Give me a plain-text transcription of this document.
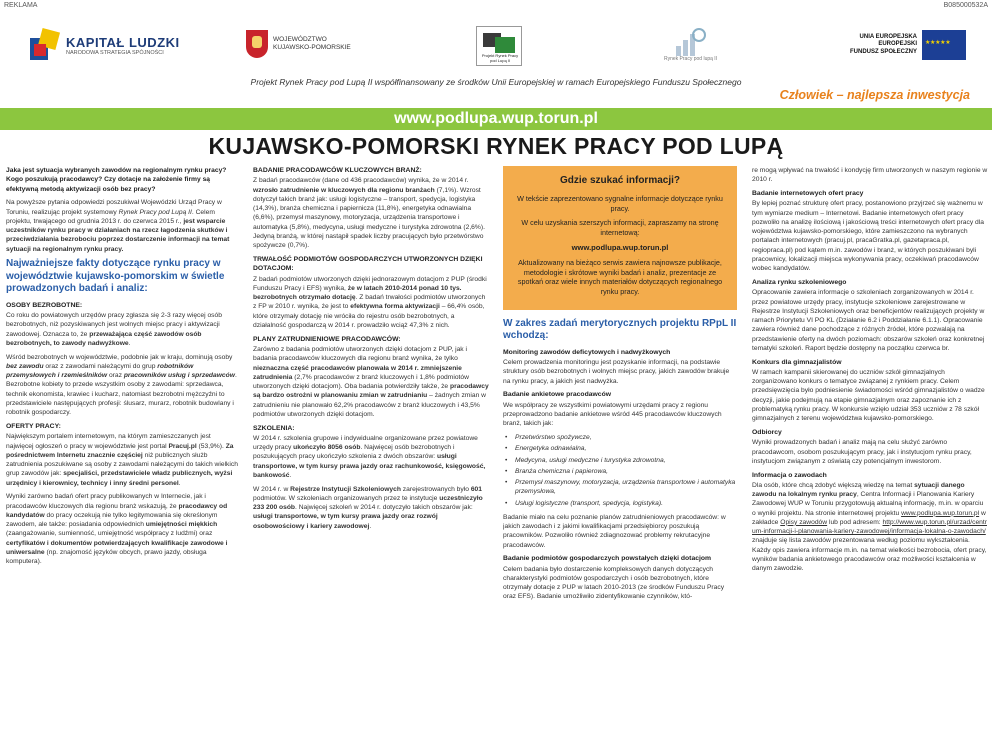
REKLAMA	B085000532A
KAPITAŁ LUDZKI
NARODOWA STRATEGIA SPÓJNOŚCI
WOJEWÓDZTWO
KUJAWSKO-POMORSKIE
Projekt Rynek Pracy pod Lupą II	Rynek Pracy pod lupą II
UNIA EUROPEJSKA
EUROPEJSKI
FUNDUSZ SPOŁECZNY
★ ★ ★ ★ ★
Projekt Rynek Pracy pod Lupą II współfinansowany ze środków Unii Europejskiej w ramach Europejskiego Funduszu Społecznego
Człowiek – najlepsza inwestycja
www.podlupa.wup.torun.pl
KUJAWSKO-POMORSKI RYNEK PRACY POD LUPĄ

Jaka jest sytuacja wybranych zawodów na regionalnym rynku pracy? Kogo poszukują pracodawcy? Czy dotacje na założenie firmy są efektywną metodą aktywizacji osób bez pracy?

Na powyższe pytania odpowiedzi poszukiwał Wojewódzki Urząd Pracy w Toruniu, realizując projekt systemowy Rynek Pracy pod Lupą II. Celem projektu, trwającego od grudnia 2013 r. do czerwca 2015 r., jest wsparcie uczestników rynku pracy w działaniach na rzecz łagodzenia skutków i przeciwdziałania bezrobociu poprzez dostarczenie informacji na temat sytuacji na regionalnym rynku pracy.

Najważniejsze fakty dotyczące rynku pracy w województwie kujawsko-pomorskim w świetle prowadzonych badań i analiz:
OSOBY BEZROBOTNE:

Co roku do powiatowych urzędów pracy zgłasza się 2-3 razy więcej osób bezrobotnych, niż pozyskiwanych jest wolnych miejsc pracy i aktywizacji zawodowej. Oznacza to, że przeważająca część zawodów osób bezrobotnych, to zawody nadwyżkowe.

Wśród bezrobotnych w województwie, podobnie jak w kraju, dominują osoby bez zawodu oraz z zawodami należącymi do grup robotników przemysłowych i rzemieślników oraz pracowników usług i sprzedawców. Bezrobotne kobiety to przede wszystkim osoby z zawodami: sprzedawca, technik ekonomista, krawiec i kucharz, natomiast bezrobotni mężczyźni to przedstawiciele następujących profesji: ślusarz, murarz, robotnik budowlany i robotnik gospodarczy.

OFERTY PRACY:

Największym portalem internetowym, na którym zamieszczanych jest najwięcej ogłoszeń o pracy w województwie jest portal Pracuj.pl (53,9%). Za pośrednictwem Internetu znacznie częściej niż publicznych służb zatrudnienia poszukiwane są osoby z zawodami należącymi do takich wielkich grup zawodów jak: specjaliści, przedstawiciele władz publicznych, wyżsi urzędnicy i kierownicy, technicy i inny średni personel.

Wyniki zarówno badań ofert pracy publikowanych w Internecie, jak i pracodawców kluczowych dla regionu branż wskazują, że pracodawcy od kandydatów do pracy oczekują nie tylko legitymowania się określonym zawodem, ale także: posiadania odpowiednich umiejętności miękkich (zaangażowanie, sumienność, umiejętność współpracy z ludźmi) oraz certyfikatów i dokumentów potwierdzających kwalifikacje zawodowe i uniwersalne (np. znajomość języków obcych, prawo jazdy, obsługa komputera).

BADANIE PRACODAWCÓW KLUCZOWYCH BRANŻ:

Z badań pracodawców (dane od 436 pracodawców) wynika, że w 2014 r. wzrosło zatrudnienie w kluczowych dla regionu branżach (7,1%). Wzrost dotyczył takich branż jak: usługi logistyczne – transport, spedycja, logistyka (14,3%), branża chemiczna i papiernicza (11,8%), energetyka odnawialna (6,6%), przemysł maszynowy, motoryzacja, urządzenia transportowe i automatyka (5,8%), medycyna, usługi medyczne i turystyka zdrowotna (2,6%). Jedyną branżą, w której nastąpił spadek liczby pracujących było przetwórstwo spożywcze (0,7%).

TRWAŁOŚĆ PODMIOTÓW GOSPODARCZYCH UTWORZONYCH DZIĘKI DOTACJOM:

Z badań podmiotów utworzonych dzięki jednorazowym dotacjom z PUP (środki Funduszu Pracy i EFS) wynika, że w latach 2010-2014 ponad 10 tys. bezrobotnych otrzymało dotację. Z badań trwałości podmiotów utworzonych z FP w 2010 r. wynika, że jest to efektywna forma aktywizacji – 66,4% osób, które otrzymały dotację nie wróciła do rejestru osób bezrobotnych, a działalność gospodarczą w 2014 r. prowadziło wciąż 47,3% z nich.

PLANY ZATRUDNIENIOWE PRACODAWCÓW:

Zarówno z badania podmiotów utworzonych dzięki dotacjom z PUP, jak i badania pracodawców kluczowych dla regionu branż wynika, że tylko nieznaczna część pracodawców planowała w 2014 r. zmniejszenie zatrudnienia (2,7% pracodawców z branż kluczowych i 1,8% podmiotów utworzonych dzięki dotacjom). Oba badania potwierdziły także, że pracodawcy są bardzo ostrożni w planowaniu zmian w zatrudnianiu – żadnych zmian w zatrudnieniu nie planowało 62,2% pracodawców z branż kluczowych i 43,5% podmiotów utworzonych dzięki dotacjom.

SZKOLENIA:

W 2014 r. szkolenia grupowe i indywidualne organizowane przez powiatowe urzędy pracy ukończyło 8056 osób. Najwięcej osób bezrobotnych i poszukujących pracy ukończyło szkolenia z dwóch obszarów: usługi transportowe, w tym kursy prawa jazdy oraz rachunkowość, księgowość, bankowość.

W 2014 r. w Rejestrze Instytucji Szkoleniowych zarejestrowanych było 601 podmiotów. W szkoleniach organizowanych przez te instytucje uczestniczyło 233 200 osób. Najwięcej szkoleń w 2014 r. dotyczyło takich obszarów jak: usługi transportowe, w tym kursy prawa jazdy oraz rozwój osobowościowy i kariery zawodowej.

Gdzie szukać informacji?

W tekście zaprezentowano sygnalne informacje dotyczące rynku pracy.

W celu uzyskania szerszych informacji, zapraszamy na stronę internetową:

www.podlupa.wup.torun.pl

Aktualizowany na bieżąco serwis zawiera najnowsze publikacje, metodologie i skrótowe wyniki badań i analiz, prezentacje ze spotkań oraz wiele innych materiałów dotyczących regionalnego rynku pracy.

W zakres zadań merytorycznych projektu RPpL II wchodzą:
Monitoring zawodów deficytowych i nadwyżkowych

Celem prowadzenia monitoringu jest pozyskanie informacji, na podstawie struktury osób bezrobotnych i wolnych miejsc pracy, jakich zawodów brakuje na rynku pracy, a jakich jest nadwyżka.

Badanie ankietowe pracodawców

We współpracy ze wszystkimi powiatowymi urzędami pracy z regionu przeprowadzono badanie ankietowe wśród 445 pracodawców kluczowych branż, takich jak:

• Przetwórstwo spożywcze,
• Energetyka odnawialna,
• Medycyna, usługi medyczne i turystyka zdrowotna,
• Branża chemiczna i papierowa,
• Przemysł maszynowy, motoryzacja, urządzenia transportowe i automatyka przemysłowa,
• Usługi logistyczne (transport, spedycja, logistyka).

Badanie miało na celu poznanie planów zatrudnieniowych pracodawców: w jakich zawodach i z jakimi kwalifikacjami przedsiębiorcy poszukują pracowników. Pozwoliło również zdiagnozować problemy rekrutacyjne pracodawców.

Badanie podmiotów gospodarczych powstałych dzięki dotacjom

Celem badania było dostarczenie kompleksowych danych dotyczących charakterystyki podmiotów gospodarczych i osób bezrobotnych, które otrzymały dotacje z PUP w latach 2010-2013 (ze środków Funduszu Pracy oraz EFS). Badanie umożliwiło zidentyfikowanie czynników, któ-

re mogą wpływać na trwałość i kondycję firm utworzonych w naszym regionie w 2010 r.

Badanie internetowych ofert pracy

By lepiej poznać strukturę ofert pracy, postanowiono przyjrzeć się ważnemu w tym wymiarze medium – Internetowi. Badanie internetowych ofert pracy pozwoliło na analizę ilościową i jakościową treści internetowych ofert pracy dla województwa kujawsko-pomorskiego, które zamieszczono na wybranych portalach internetowych (pracuj.pl, pracaGratka.pl, gazetapraca.pl, regiopraca.pl) pod kątem m.in. zawodów i branż, w których poszukiwani byli pracownicy, lokalizacji miejsca wykonywania pracy, oczekiwań pracodawców wobec kandydatów.

Analiza rynku szkoleniowego

Opracowanie zawiera informacje o szkoleniach zorganizowanych w 2014 r. przez powiatowe urzędy pracy, instytucje szkoleniowe zarejestrowane w Rejestrze Instytucji Szkoleniowych oraz beneficjentów realizujących projekty w ramach Priorytetu VI PO KL (Działanie 6.2 i Poddziałanie 6.1.1). Opracowanie zawiera również dane pochodzące z różnych źródeł, które pozwalają na przedstawienie oferty na dwóch poziomach: obszarów szkoleń oraz konkretnej tematyki szkoleń. Raport będzie dostępny na początku czerwca br.

Konkurs dla gimnazjalistów

W ramach kampanii skierowanej do uczniów szkół gimnazjalnych zorganizowano konkurs o tematyce związanej z rynkiem pracy. Celem przedsięwzięcia było podniesienie świadomości wśród gimnazjalistów o wadze decyzji, jakie podejmują na etapie gimnazjalnym oraz zapoznanie ich z problematyką rynku pracy. W konkursie wzięło udział 353 uczniów z 78 szkół gimnazjalnych z terenu województwa kujawsko-pomorskiego.

Odbiorcy

Wyniki prowadzonych badań i analiz mają na celu służyć zarówno pracodawcom, osobom poszukującym pracy, jak i instytucjom rynku pracy, instytucjom związanym z oświatą czy potencjalnym inwestorom.

Informacja o zawodach

Dla osób, które chcą zdobyć większą wiedzę na temat sytuacji danego zawodu na lokalnym rynku pracy, Centra Informacji i Planowania Kariery Zawodowej WUP w Toruniu przygotowują aktualną informację, m.in. w oparciu o wyniki projektu. Na stronie internetowej projektu www.podlupa.wup.torun.pl w zakładce Opisy zawodów lub pod adresem: http://www.wup.torun.pl/urzad/centrum-informacji-i-planowania-kariery-zawodowej/informacja-lokalna-o-zawodach/ znajduje się lista zawodów prezentowana według poziomu wykształcenia. Każdy opis zawiera informacje m.in. na temat wielkości bezrobocia, ofert pracy, wyników badania ankietowego pracodawców oraz możliwości kształcenia w danym zawodzie.
